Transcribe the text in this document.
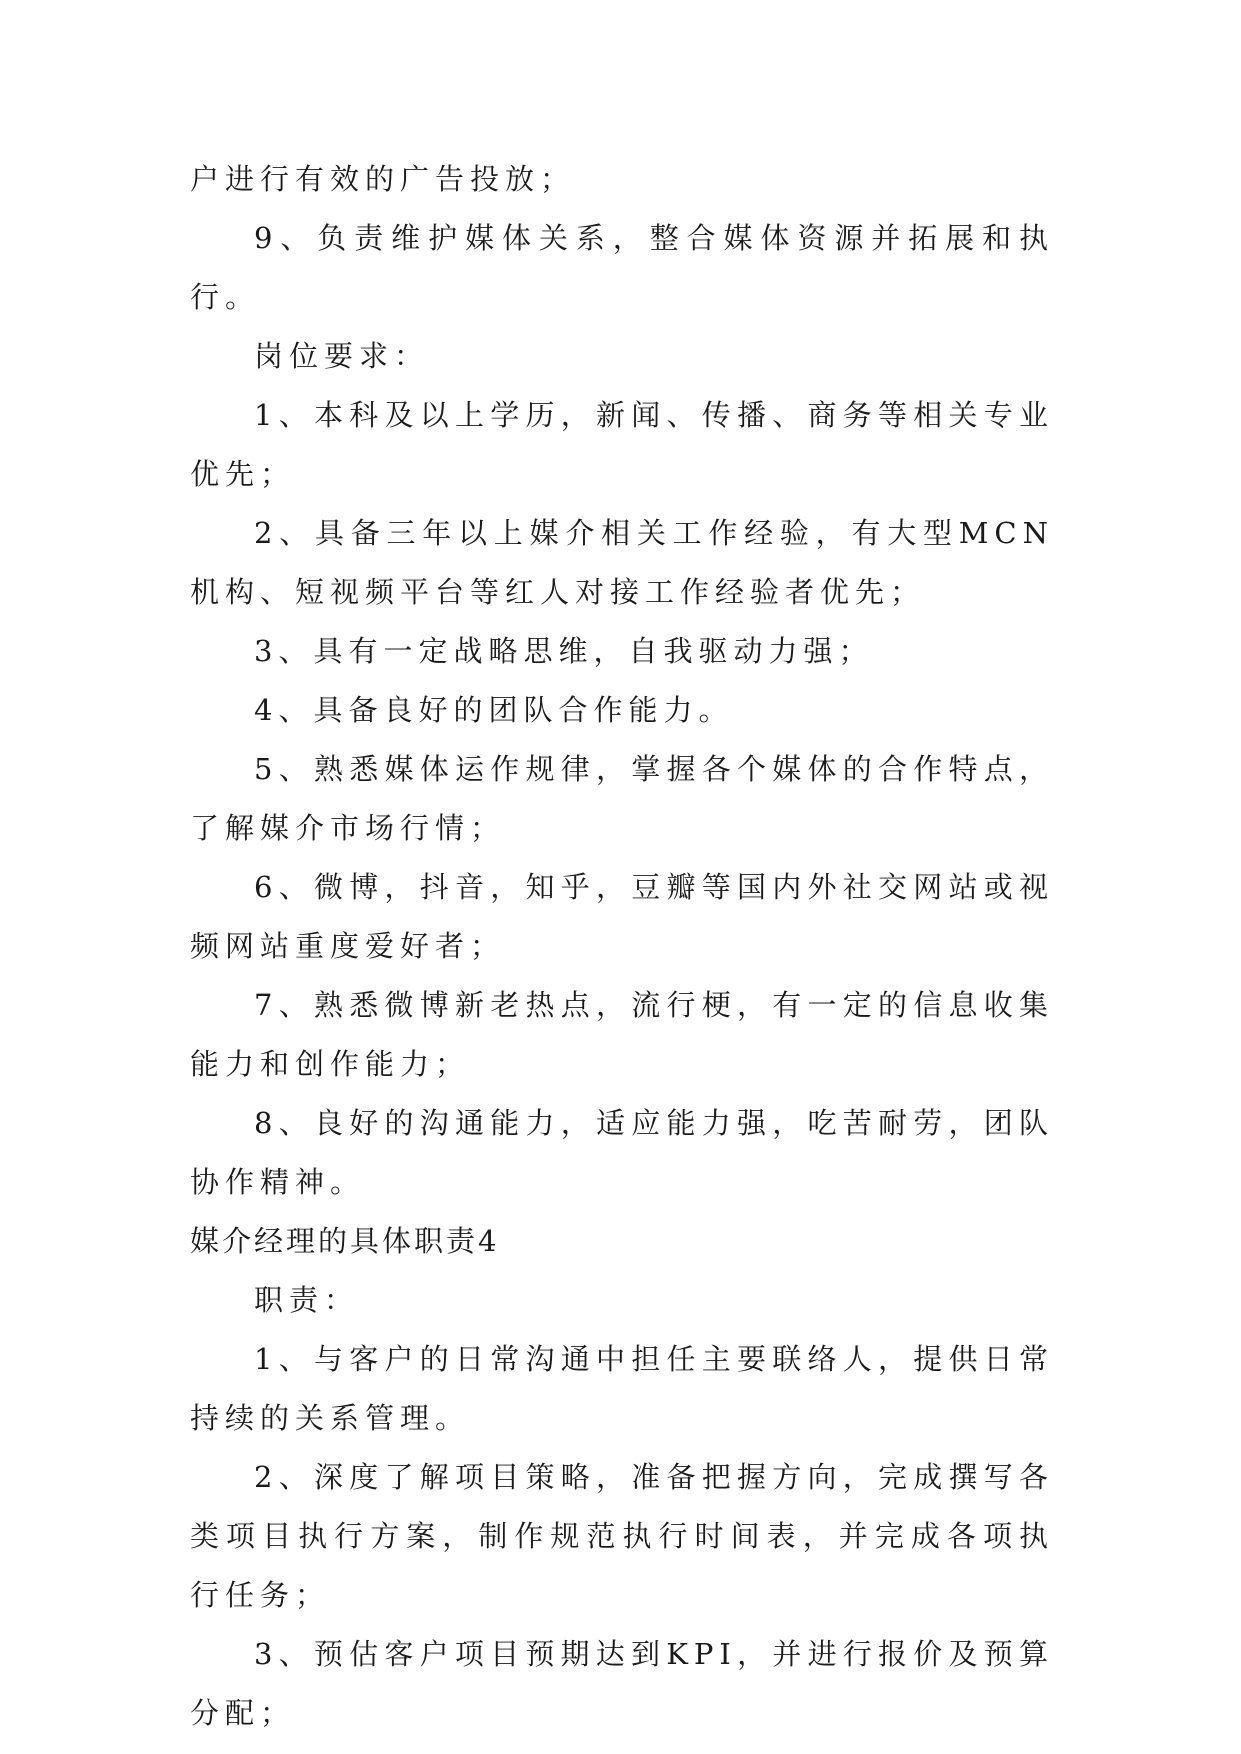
户进行有效的广告投放；

9、负责维护媒体关系，整合媒体资源并拓展和执行。

岗位要求：

1、本科及以上学历，新闻、传播、商务等相关专业优先；

2、具备三年以上媒介相关工作经验，有大型MCN机构、短视频平台等红人对接工作经验者优先；

3、具有一定战略思维，自我驱动力强；

4、具备良好的团队合作能力。

5、熟悉媒体运作规律，掌握各个媒体的合作特点，了解媒介市场行情；

6、微博，抖音，知乎，豆瓣等国内外社交网站或视频网站重度爱好者；

7、熟悉微博新老热点，流行梗，有一定的信息收集能力和创作能力；

8、良好的沟通能力，适应能力强，吃苦耐劳，团队协作精神。

媒介经理的具体职责4

职责：

1、与客户的日常沟通中担任主要联络人，提供日常持续的关系管理。

2、深度了解项目策略，准备把握方向，完成撰写各类项目执行方案，制作规范执行时间表，并完成各项执行任务；

3、预估客户项目预期达到KPI，并进行报价及预算分配；
